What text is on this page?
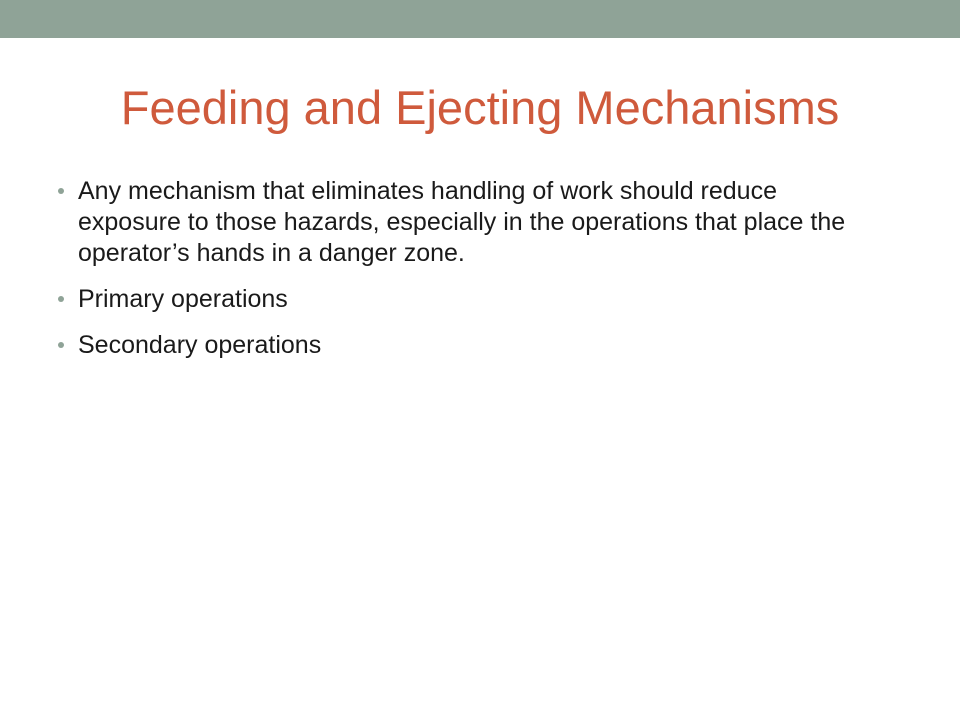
Feeding and Ejecting Mechanisms
Any mechanism that eliminates handling of work should reduce exposure to those hazards, especially in the operations that place the operator’s hands in a danger zone.
Primary operations
Secondary operations
